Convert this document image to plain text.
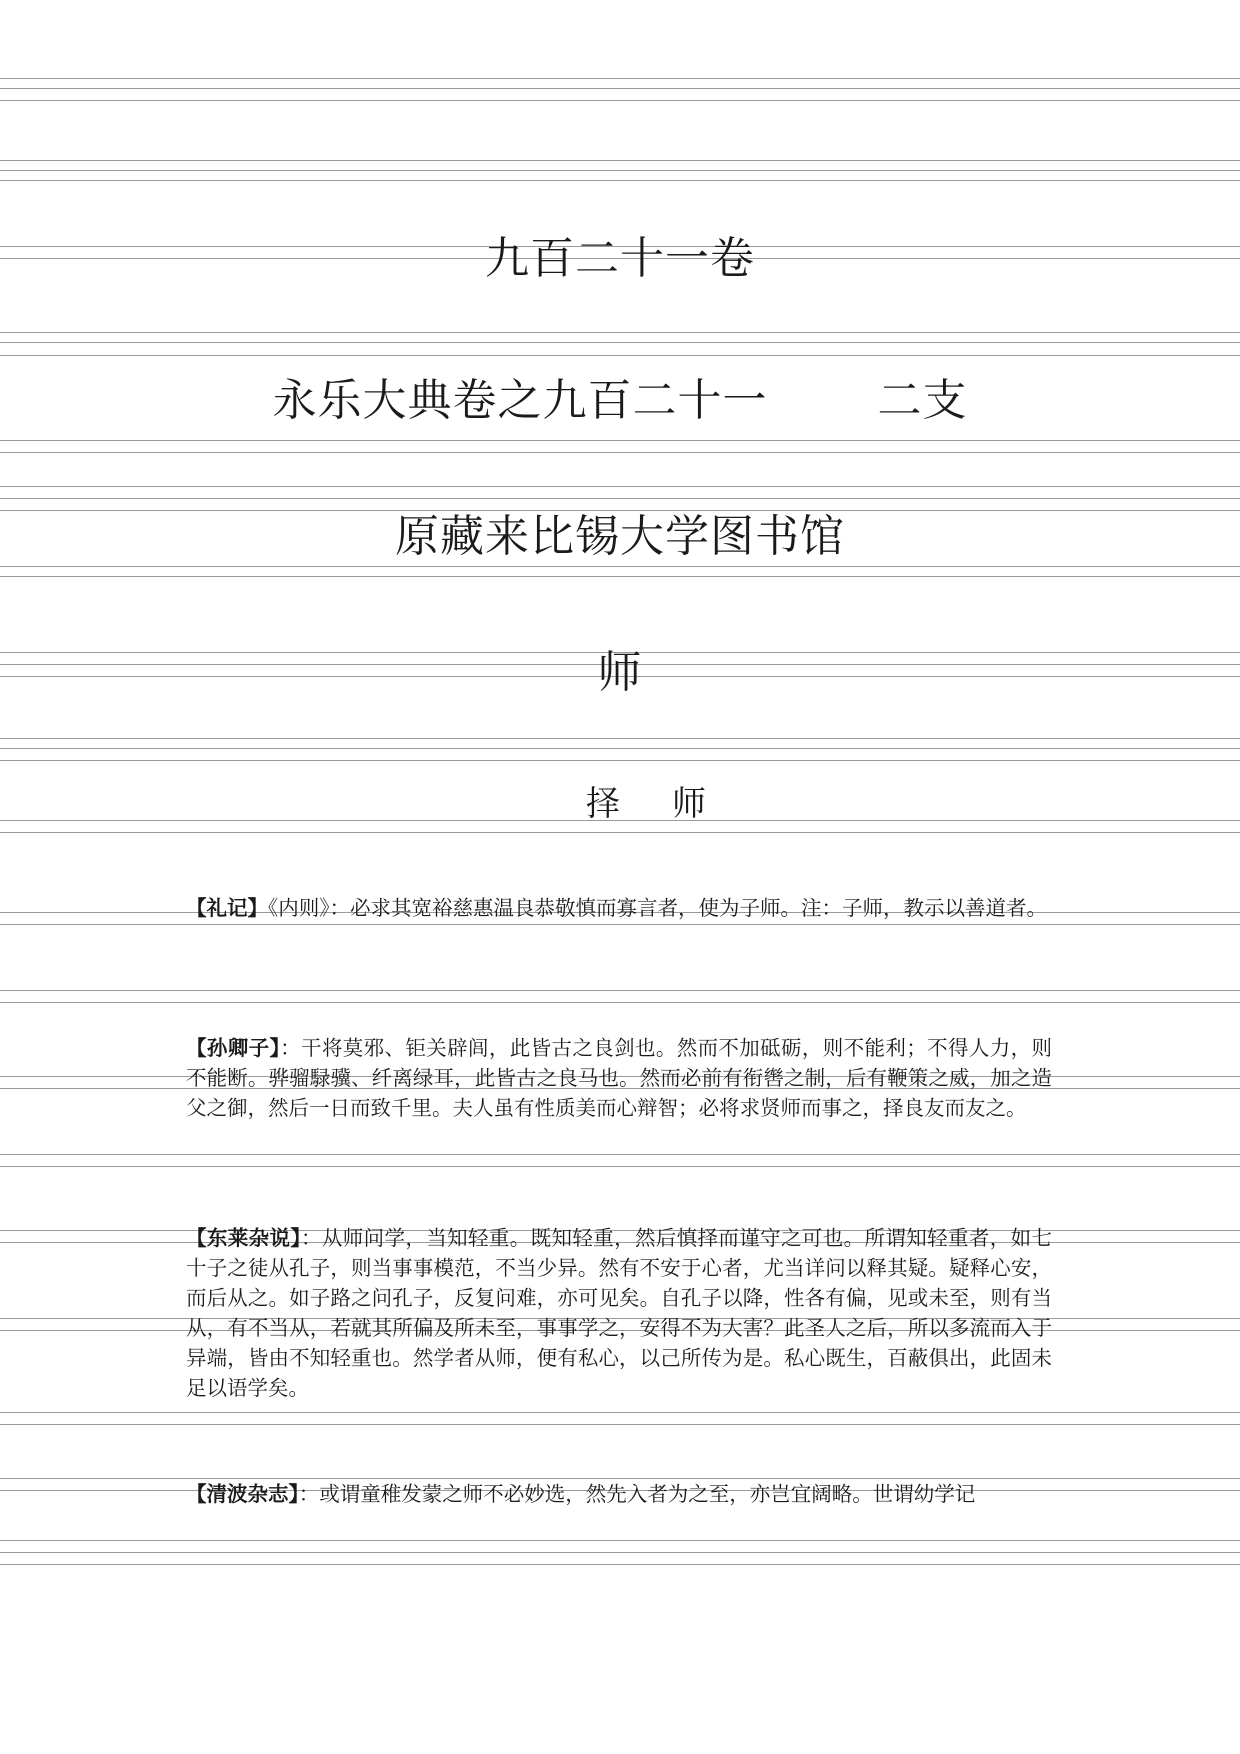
九百二十一卷
永乐大典卷之九百二十一	二支
原藏来比锡大学图书馆
师
择师

【礼记】《内则》：必求其宽裕慈惠温良恭敬慎而寡言者，使为子师。注：子师，教示以善道者。

【孙卿子】：干将莫邪、钜关辟闾，此皆古之良剑也。然而不加砥砺，则不能利；不得人力，则不能断。骅骝騄骥、纤离绿耳，此皆古之良马也。然而必前有衔辔之制，后有鞭策之威，加之造父之御，然后一日而致千里。夫人虽有性质美而心辩智；必将求贤师而事之，择良友而友之。

【东莱杂说】：从师问学，当知轻重。既知轻重，然后慎择而谨守之可也。所谓知轻重者，如七十子之徒从孔子，则当事事模范，不当少异。然有不安于心者，尤当详问以释其疑。疑释心安，而后从之。如子路之问孔子，反复问难，亦可见矣。自孔子以降，性各有偏，见或未至，则有当从，有不当从，若就其所偏及所未至，事事学之，安得不为大害？此圣人之后，所以多流而入于异端，皆由不知轻重也。然学者从师，便有私心，以己所传为是。私心既生，百蔽俱出，此固未足以语学矣。

【清波杂志】：或谓童稚发蒙之师不必妙选，然先入者为之至，亦岂宜阔略。世谓幼学记
